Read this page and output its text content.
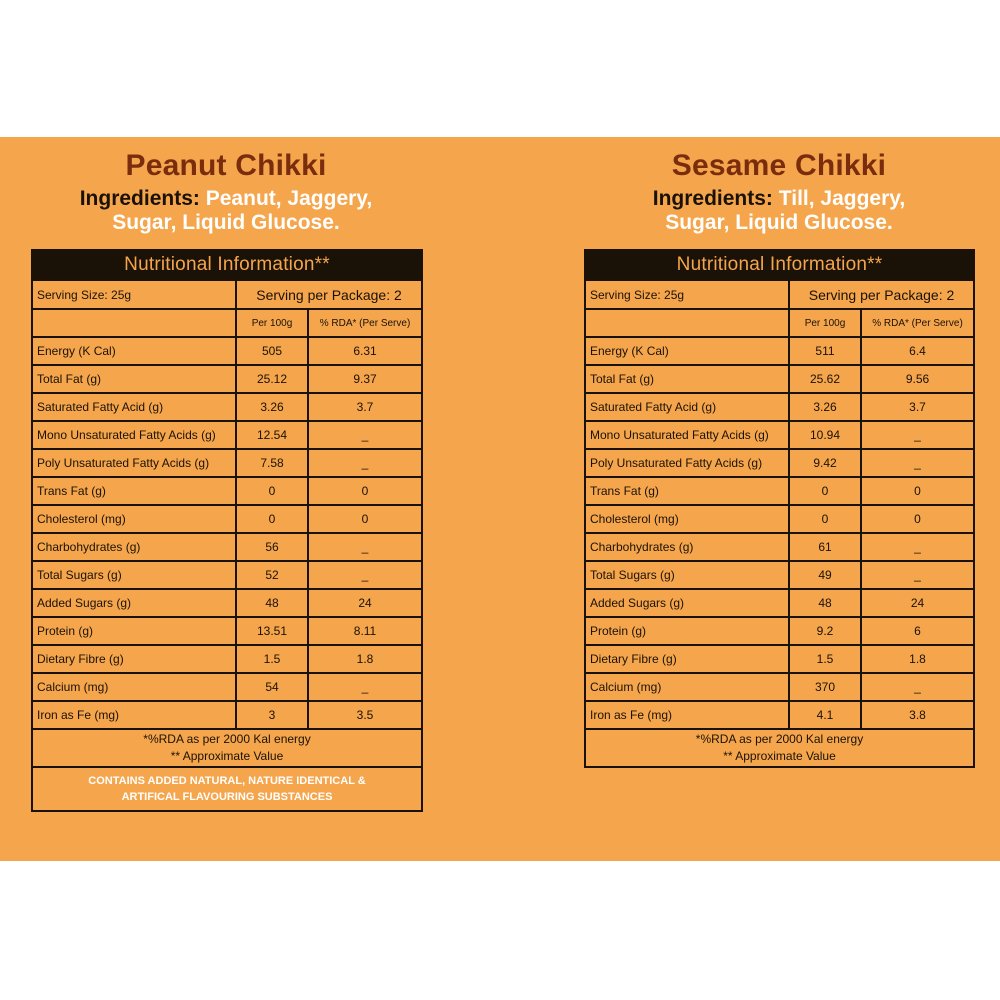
Peanut Chikki
Ingredients: Peanut, Jaggery,
Sugar, Liquid Glucose.
Nutritional Information**		
Serving Size: 25g	Serving per Package: 2	
	Per 100g	% RDA* (Per Serve)
Energy (K Cal)	505	6.31
Total Fat (g)	25.12	9.37
Saturated Fatty Acid (g)	3.26	3.7
Mono Unsaturated Fatty Acids (g)	12.54	_
Poly Unsaturated Fatty Acids (g)	7.58	_
Trans Fat (g)	0	0
Cholesterol (mg)	0	0
Charbohydrates (g)	56	_
Total Sugars (g)	52	_
Added Sugars (g)	48	24
Protein (g)	13.51	8.11
Dietary Fibre (g)	1.5	1.8
Calcium (mg)	54	_
Iron as Fe (mg)	3	3.5
*%RDA as per 2000 Kal energy
** Approximate Value		
CONTAINS ADDED NATURAL, NATURE IDENTICAL &
ARTIFICAL FLAVOURING SUBSTANCES		
Sesame Chikki
Ingredients: Till, Jaggery,
Sugar, Liquid Glucose.
Nutritional Information**		
Serving Size: 25g	Serving per Package: 2	
	Per 100g	% RDA* (Per Serve)
Energy (K Cal)	511	6.4
Total Fat (g)	25.62	9.56
Saturated Fatty Acid (g)	3.26	3.7
Mono Unsaturated Fatty Acids (g)	10.94	_
Poly Unsaturated Fatty Acids (g)	9.42	_
Trans Fat (g)	0	0
Cholesterol (mg)	0	0
Charbohydrates (g)	61	_
Total Sugars (g)	49	_
Added Sugars (g)	48	24
Protein (g)	9.2	6
Dietary Fibre (g)	1.5	1.8
Calcium (mg)	370	_
Iron as Fe (mg)	4.1	3.8
*%RDA as per 2000 Kal energy
** Approximate Value		
